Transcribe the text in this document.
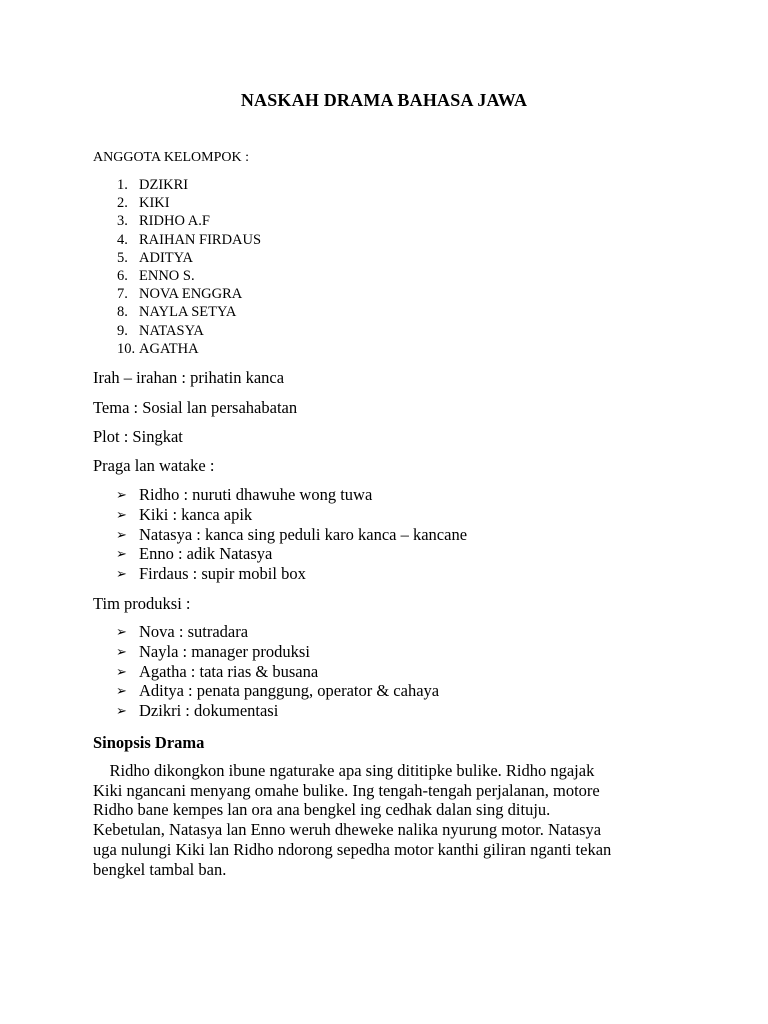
NASKAH DRAMA BAHASA JAWA
ANGGOTA KELOMPOK :
1. DZIKRI
2. KIKI
3. RIDHO A.F
4. RAIHAN FIRDAUS
5. ADITYA
6. ENNO S.
7. NOVA ENGGRA
8. NAYLA SETYA
9. NATASYA
10. AGATHA
Irah – irahan : prihatin kanca
Tema : Sosial lan persahabatan
Plot : Singkat
Praga lan watake :
➢ Ridho : nuruti dhawuhe wong tuwa
➢ Kiki : kanca apik
➢ Natasya : kanca sing peduli karo kanca – kancane
➢ Enno : adik Natasya
➢ Firdaus : supir mobil box
Tim produksi :
➢ Nova : sutradara
➢ Nayla : manager produksi
➢ Agatha : tata rias & busana
➢ Aditya : penata panggung, operator & cahaya
➢ Dzikri : dokumentasi
Sinopsis Drama

Ridho dikongkon ibune ngaturake apa sing dititipke bulike. Ridho ngajak

Kiki ngancani menyang omahe bulike. Ing tengah-tengah perjalanan, motore

Ridho bane kempes lan ora ana bengkel ing cedhak dalan sing dituju.

Kebetulan, Natasya lan Enno weruh dheweke nalika nyurung motor. Natasya

uga nulungi Kiki lan Ridho ndorong sepedha motor kanthi giliran nganti tekan

bengkel tambal ban.
